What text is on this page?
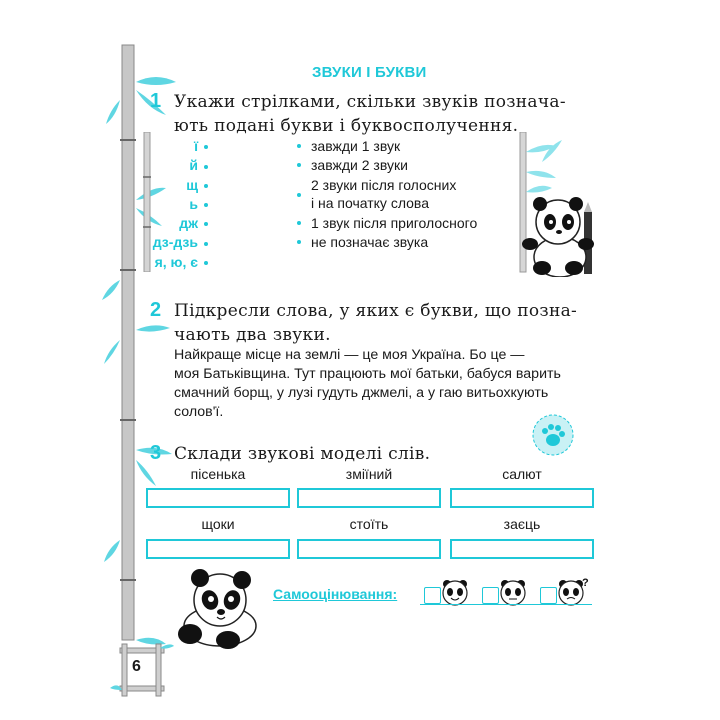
ЗВУКИ І БУКВИ
1 Укажи стрілками, скільки звуків познача-
ють подані букви і буквосполучення.
ї
й
щ
ь
дж
дз-дзь
я, ю, є
завжди 1 звук
завжди 2 звуки
2 звуки після голосних
і на початку слова
1 звук після приголосного
не позначає звука
2 Підкресли слова, у яких є букви, що позна-
чають два звуки.
Найкраще місце на землі — це моя Україна. Бо це —
моя Батьківщина. Тут працюють мої батьки, бабуся варить
смачний борщ, у лузі гудуть джмелі, а у гаю витьохкують
солов'ї.
3 Склади звукові моделі слів.
пісенька	зміїний	салют
щоки	стоїть	заєць
Самооцінювання:
?
6
